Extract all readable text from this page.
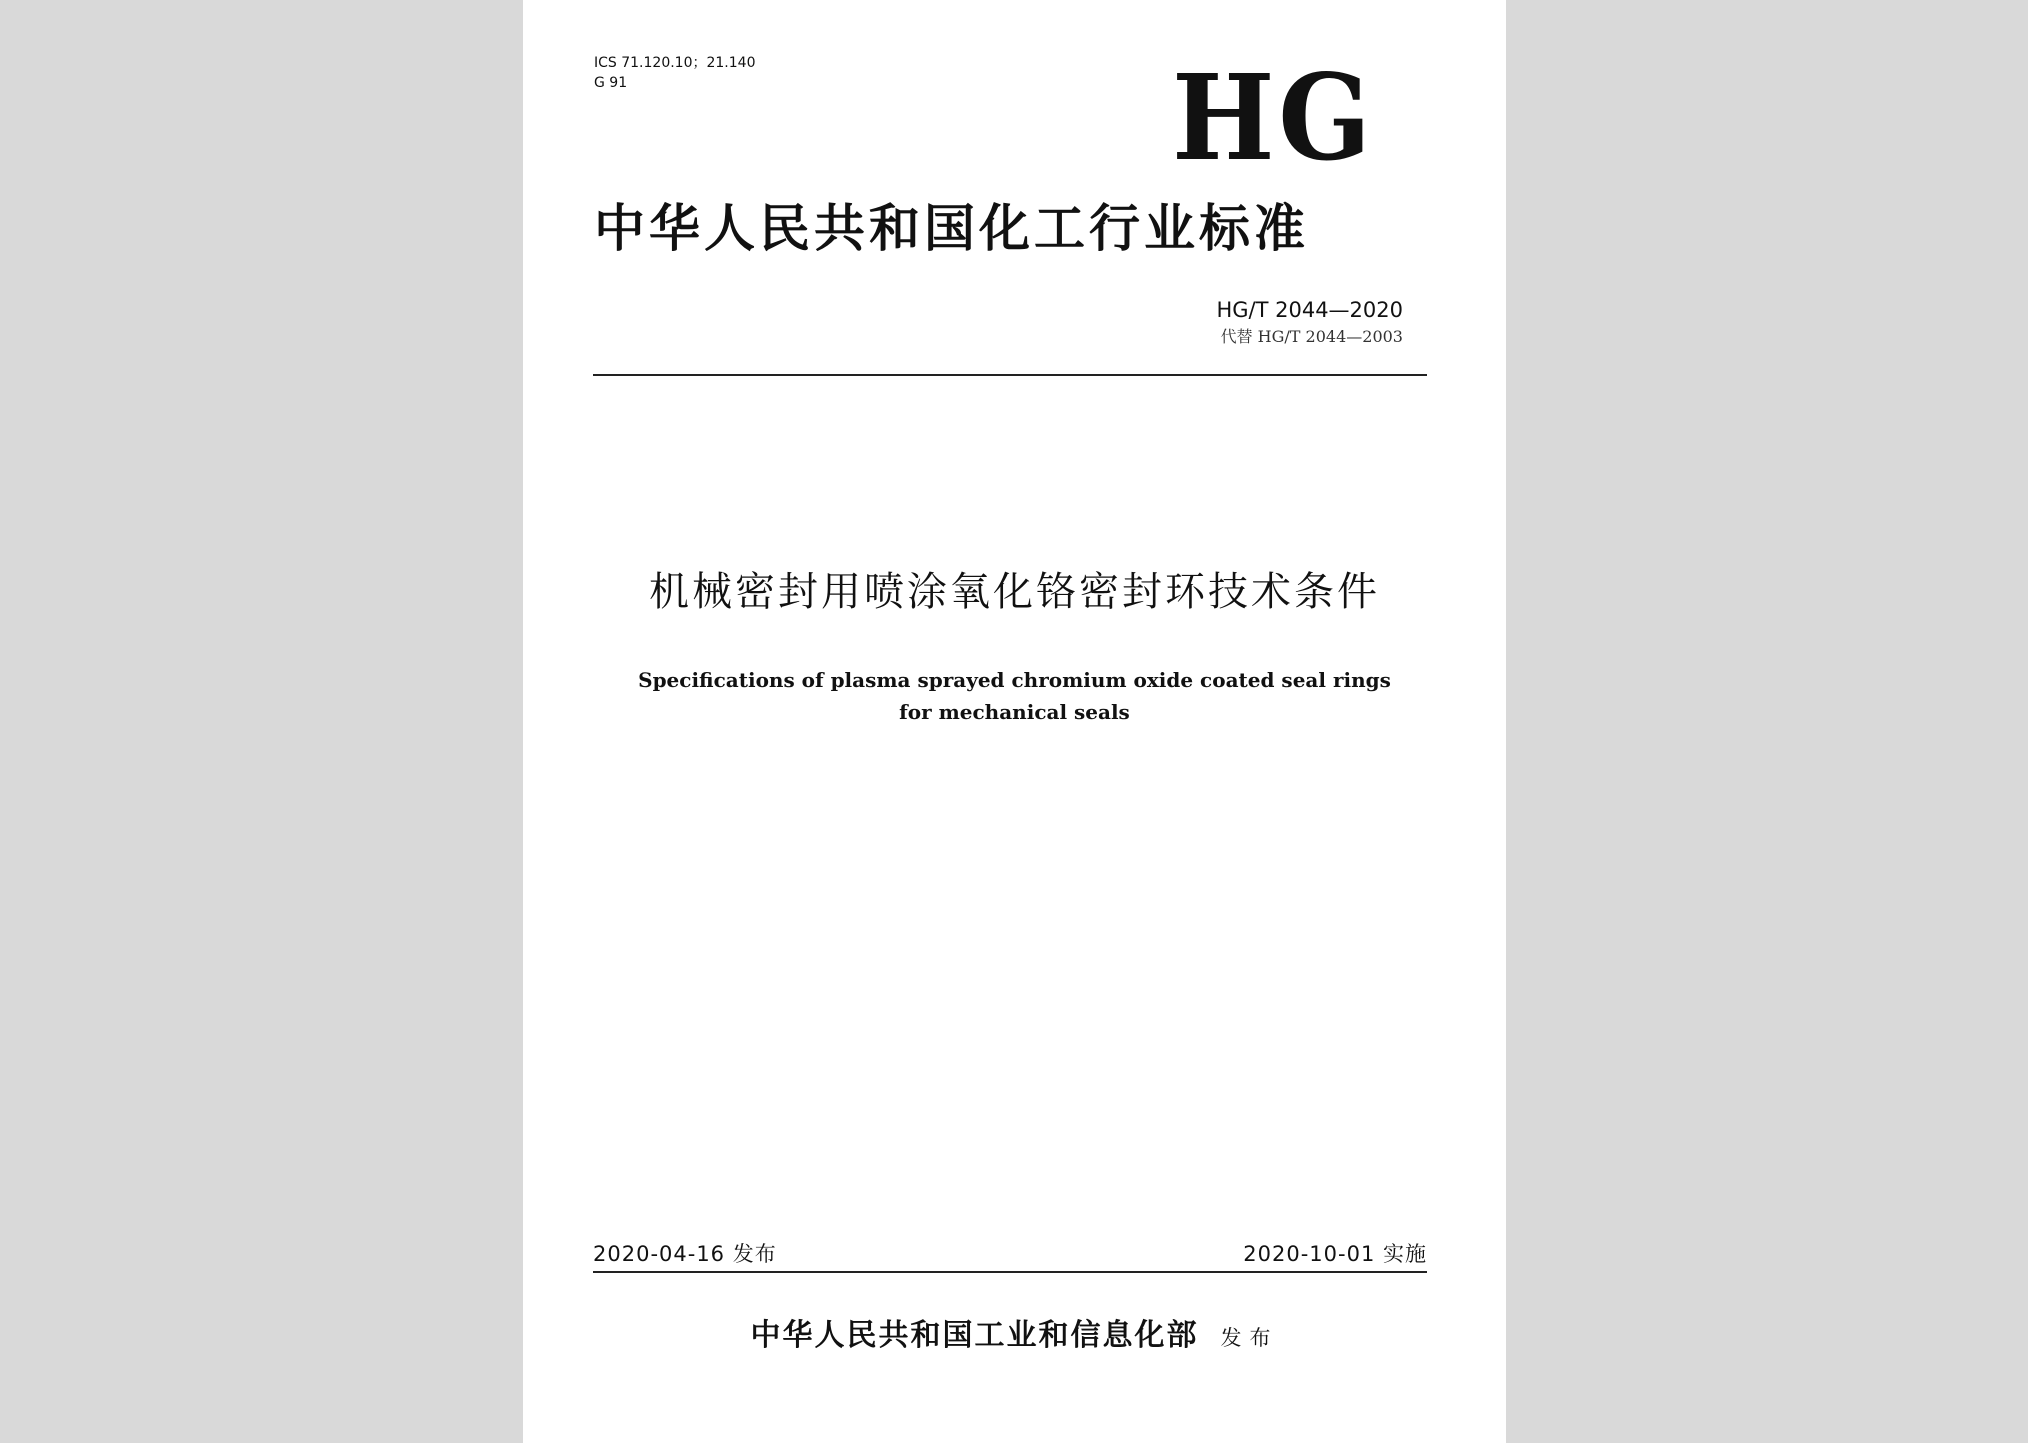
ICS 71.120.10；21.140
G 91	HG
中华人民共和国化工行业标准
HG/T 2044—2020
代替 HG/T 2044—2003
机械密封用喷涂氧化铬密封环技术条件
Specifications of plasma sprayed chromium oxide coated seal rings
for mechanical seals
2020-04-16 发布	2020-10-01 实施
中华人民共和国工业和信息化部 发布
